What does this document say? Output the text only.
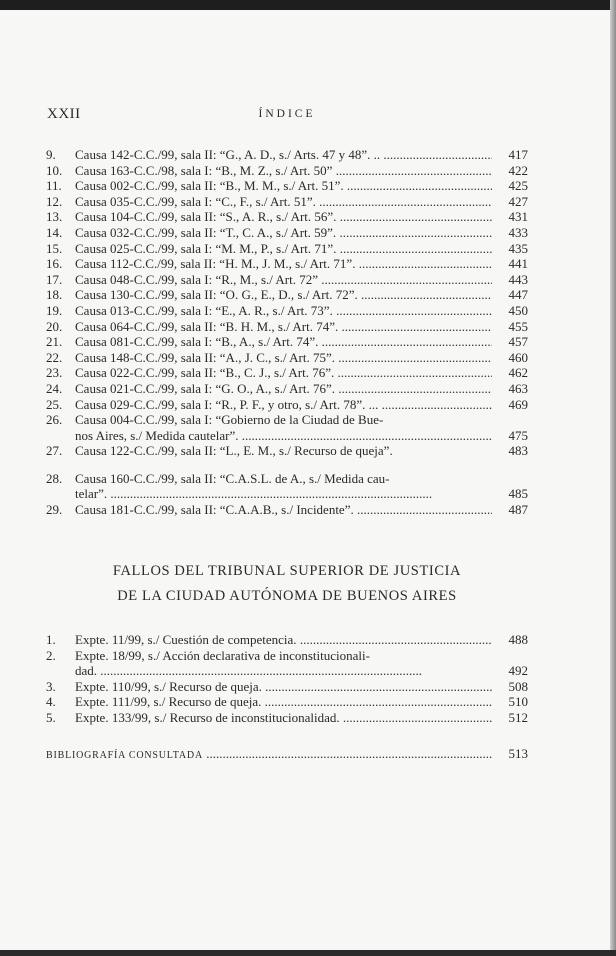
XXII	ÍNDICE
9.	Causa 142-C.C./99, sala II: “G., A. D., s./ Arts. 47 y 48”. .. .....	417
10. Causa 163-C.C./98, sala I: “B., M. Z., s./ Art. 50” .....	422
11.	Causa 002-C.C./99, sala II: “B., M. M., s./ Art. 51”. .....	425
12. Causa 035-C.C./99, sala I: “C., F., s./ Art. 51”. .....	427
13. Causa 104-C.C./99, sala II: “S., A. R., s./ Art. 56”. .....	431
14. Causa 032-C.C./99, sala II: “T., C. A., s./ Art. 59”. .....	433
15. Causa 025-C.C./99, sala I: “M. M., P., s./ Art. 71”. .....	435
16. Causa 112-C.C./99, sala II: “H. M., J. M., s./ Art. 71”. .....	441
17. Causa 048-C.C./99, sala I: “R., M., s./ Art. 72” .....	443
18. Causa 130-C.C./99, sala II: “O. G., E., D., s./ Art. 72”. .....	447
19. Causa 013-C.C./99, sala I: “E., A. R., s./ Art. 73”. .....	450
20. Causa 064-C.C./99, sala II: “B. H. M., s./ Art. 74”. .....	455
21. Causa 081-C.C./99, sala I: “B., A., s./ Art. 74”. .....	457
22. Causa 148-C.C./99, sala II: “A., J. C., s./ Art. 75”. .....	460
23. Causa 022-C.C./99, sala II: “B., C. J., s./ Art. 76”. .....	462
24. Causa 021-C.C./99, sala I: “G. O., A., s./ Art. 76”. .....	463
25. Causa 029-C.C./99, sala I: “R., P. F., y otro, s./ Art. 78”. ... .....	469
26. Causa 004-C.C./99, sala I: “Gobierno de la Ciudad de Bue-
nos Aires, s./ Medida cautelar”. .....	475
27. Causa 122-C.C./99, sala II: “L., E. M., s./ Recurso de queja”.	483
28. Causa 160-C.C./99, sala II: “C.A.S.L. de A., s./ Medida cau-
telar”. .....	485
29. Causa 181-C.C./99, sala II: “C.A.A.B., s./ Incidente”. .....	487
FALLOS DEL TRIBUNAL SUPERIOR DE JUSTICIA
DE LA CIUDAD AUTÓNOMA DE BUENOS AIRES
1.	Expte. 11/99, s./ Cuestión de competencia. .....	488
2.	Expte. 18/99, s./ Acción declarativa de inconstitucionali-
dad. .....	492
3.	Expte. 110/99, s./ Recurso de queja. .....	508
4.	Expte. 111/99, s./ Recurso de queja. .....	510
5.	Expte. 133/99, s./ Recurso de inconstitucionalidad. .....	512
BIBLIOGRAFÍA CONSULTADA .....	513
